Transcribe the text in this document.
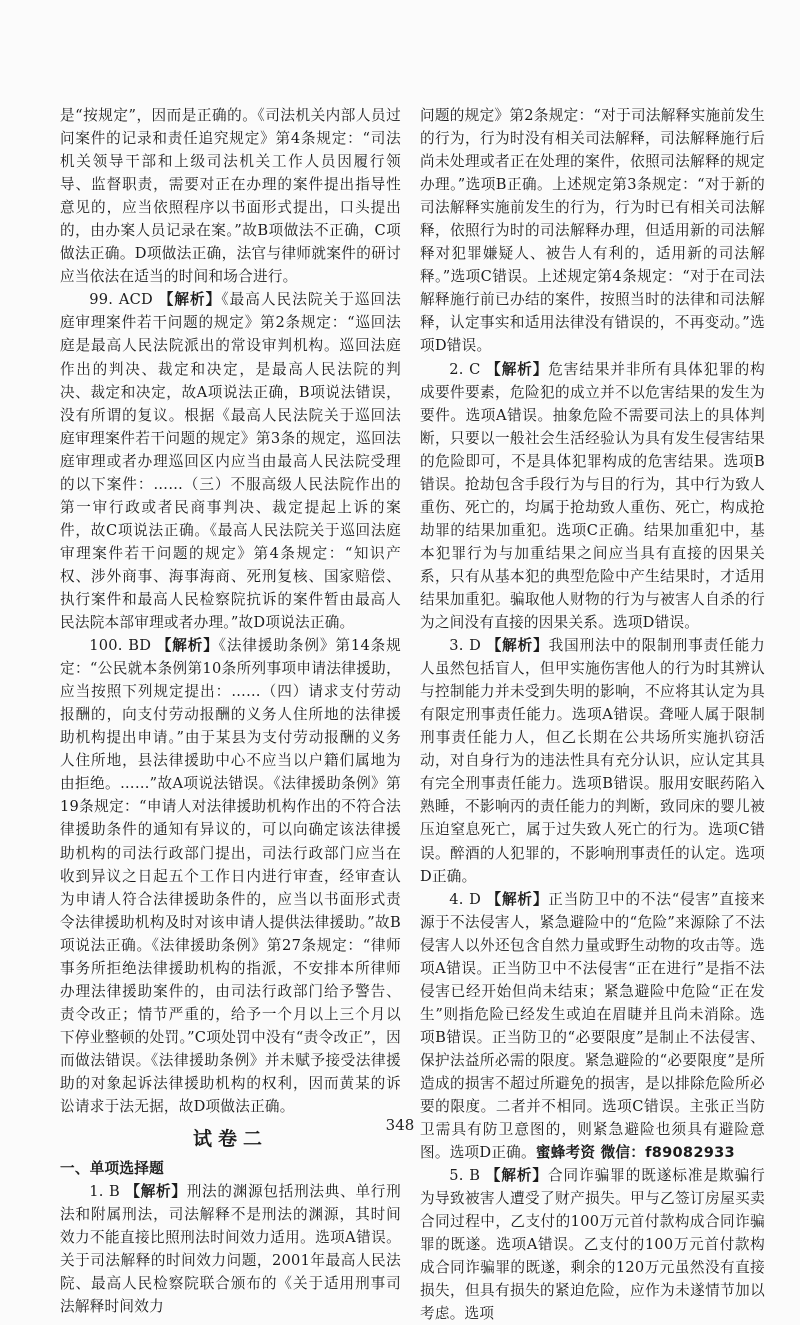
是“按规定”，因而是正确的。《司法机关内部人员过问案件的记录和责任追究规定》第4条规定：“司法机关领导干部和上级司法机关工作人员因履行领导、监督职责，需要对正在办理的案件提出指导性意见的，应当依照程序以书面形式提出，口头提出的，由办案人员记录在案。”故B项做法不正确，C项做法正确。D项做法正确，法官与律师就案件的研讨应当依法在适当的时间和场合进行。

99. ACD 【解析】《最高人民法院关于巡回法庭审理案件若干问题的规定》第2条规定：“巡回法庭是最高人民法院派出的常设审判机构。巡回法庭作出的判决、裁定和决定，是最高人民法院的判决、裁定和决定，故A项说法正确，B项说法错误，没有所谓的复议。根据《最高人民法院关于巡回法庭审理案件若干问题的规定》第3条的规定，巡回法庭审理或者办理巡回区内应当由最高人民法院受理的以下案件：……（三）不服高级人民法院作出的第一审行政或者民商事判决、裁定提起上诉的案件，故C项说法正确。《最高人民法院关于巡回法庭审理案件若干问题的规定》第4条规定：“知识产权、涉外商事、海事海商、死刑复核、国家赔偿、执行案件和最高人民检察院抗诉的案件暂由最高人民法院本部审理或者办理。”故D项说法正确。

100. BD 【解析】《法律援助条例》第14条规定：“公民就本条例第10条所列事项申请法律援助，应当按照下列规定提出：……（四）请求支付劳动报酬的，向支付劳动报酬的义务人住所地的法律援助机构提出申请。”由于某县为支付劳动报酬的义务人住所地，县法律援助中心不应当以户籍们属地为由拒绝。……”故A项说法错误。《法律援助条例》第19条规定：“申请人对法律援助机构作出的不符合法律援助条件的通知有异议的，可以向确定该法律援助机构的司法行政部门提出，司法行政部门应当在收到异议之日起五个工作日内进行审查，经审查认为申请人符合法律援助条件的，应当以书面形式责令法律援助机构及时对该申请人提供法律援助。”故B项说法正确。《法律援助条例》第27条规定：“律师事务所拒绝法律援助机构的指派，不安排本所律师办理法律援助案件的，由司法行政部门给予警告、责令改正；情节严重的，给予一个月以上三个月以下停业整顿的处罚。”C项处罚中没有“责令改正”，因而做法错误。《法律援助条例》并未赋予接受法律援助的对象起诉法律援助机构的权利，因而黄某的诉讼请求于法无据，故D项做法正确。

试卷二
一、单项选择题

1. B 【解析】刑法的渊源包括刑法典、单行刑法和附属刑法，司法解释不是刑法的渊源，其时间效力不能直接比照刑法时间效力适用。选项A错误。关于司法解释的时间效力问题，2001年最高人民法院、最高人民检察院联合颁布的《关于适用刑事司法解释时间效力

问题的规定》第2条规定：“对于司法解释实施前发生的行为，行为时没有相关司法解释，司法解释施行后尚未处理或者正在处理的案件，依照司法解释的规定办理。”选项B正确。上述规定第3条规定：“对于新的司法解释实施前发生的行为，行为时已有相关司法解释，依照行为时的司法解释办理，但适用新的司法解释对犯罪嫌疑人、被告人有利的，适用新的司法解释。”选项C错误。上述规定第4条规定：“对于在司法解释施行前已办结的案件，按照当时的法律和司法解释，认定事实和适用法律没有错误的，不再变动。”选项D错误。

2. C 【解析】危害结果并非所有具体犯罪的构成要件要素，危险犯的成立并不以危害结果的发生为要件。选项A错误。抽象危险不需要司法上的具体判断，只要以一般社会生活经验认为具有发生侵害结果的危险即可，不是具体犯罪构成的危害结果。选项B错误。抢劫包含手段行为与目的行为，其中行为致人重伤、死亡的，均属于抢劫致人重伤、死亡，构成抢劫罪的结果加重犯。选项C正确。结果加重犯中，基本犯罪行为与加重结果之间应当具有直接的因果关系，只有从基本犯的典型危险中产生结果时，才适用结果加重犯。骗取他人财物的行为与被害人自杀的行为之间没有直接的因果关系。选项D错误。

3. D 【解析】我国刑法中的限制刑事责任能力人虽然包括盲人，但甲实施伤害他人的行为时其辨认与控制能力并未受到失明的影响，不应将其认定为具有限定刑事责任能力。选项A错误。聋哑人属于限制刑事责任能力人，但乙长期在公共场所实施扒窃活动，对自身行为的违法性具有充分认识，应认定其具有完全刑事责任能力。选项B错误。服用安眠药陷入熟睡，不影响丙的责任能力的判断，致同床的婴儿被压迫窒息死亡，属于过失致人死亡的行为。选项C错误。醉酒的人犯罪的，不影响刑事责任的认定。选项D正确。

4. D 【解析】正当防卫中的不法“侵害”直接来源于不法侵害人，紧急避险中的“危险”来源除了不法侵害人以外还包含自然力量或野生动物的攻击等。选项A错误。正当防卫中不法侵害“正在进行”是指不法侵害已经开始但尚未结束；紧急避险中危险“正在发生”则指危险已经发生或迫在眉睫并且尚未消除。选项B错误。正当防卫的“必要限度”是制止不法侵害、保护法益所必需的限度。紧急避险的“必要限度”是所造成的损害不超过所避免的损害，是以排除危险所必要的限度。二者并不相同。选项C错误。主张正当防卫需具有防卫意图的，则紧急避险也须具有避险意图。选项D正确。蜜蜂考资 微信：f89082933

5. B 【解析】合同诈骗罪的既遂标准是欺骗行为导致被害人遭受了财产损失。甲与乙签订房屋买卖合同过程中，乙支付的100万元首付款构成合同诈骗罪的既遂。选项A错误。乙支付的100万元首付款构成合同诈骗罪的既遂，剩余的120万元虽然没有直接损失，但具有损失的紧迫危险，应作为未遂情节加以考虑。选项

348
